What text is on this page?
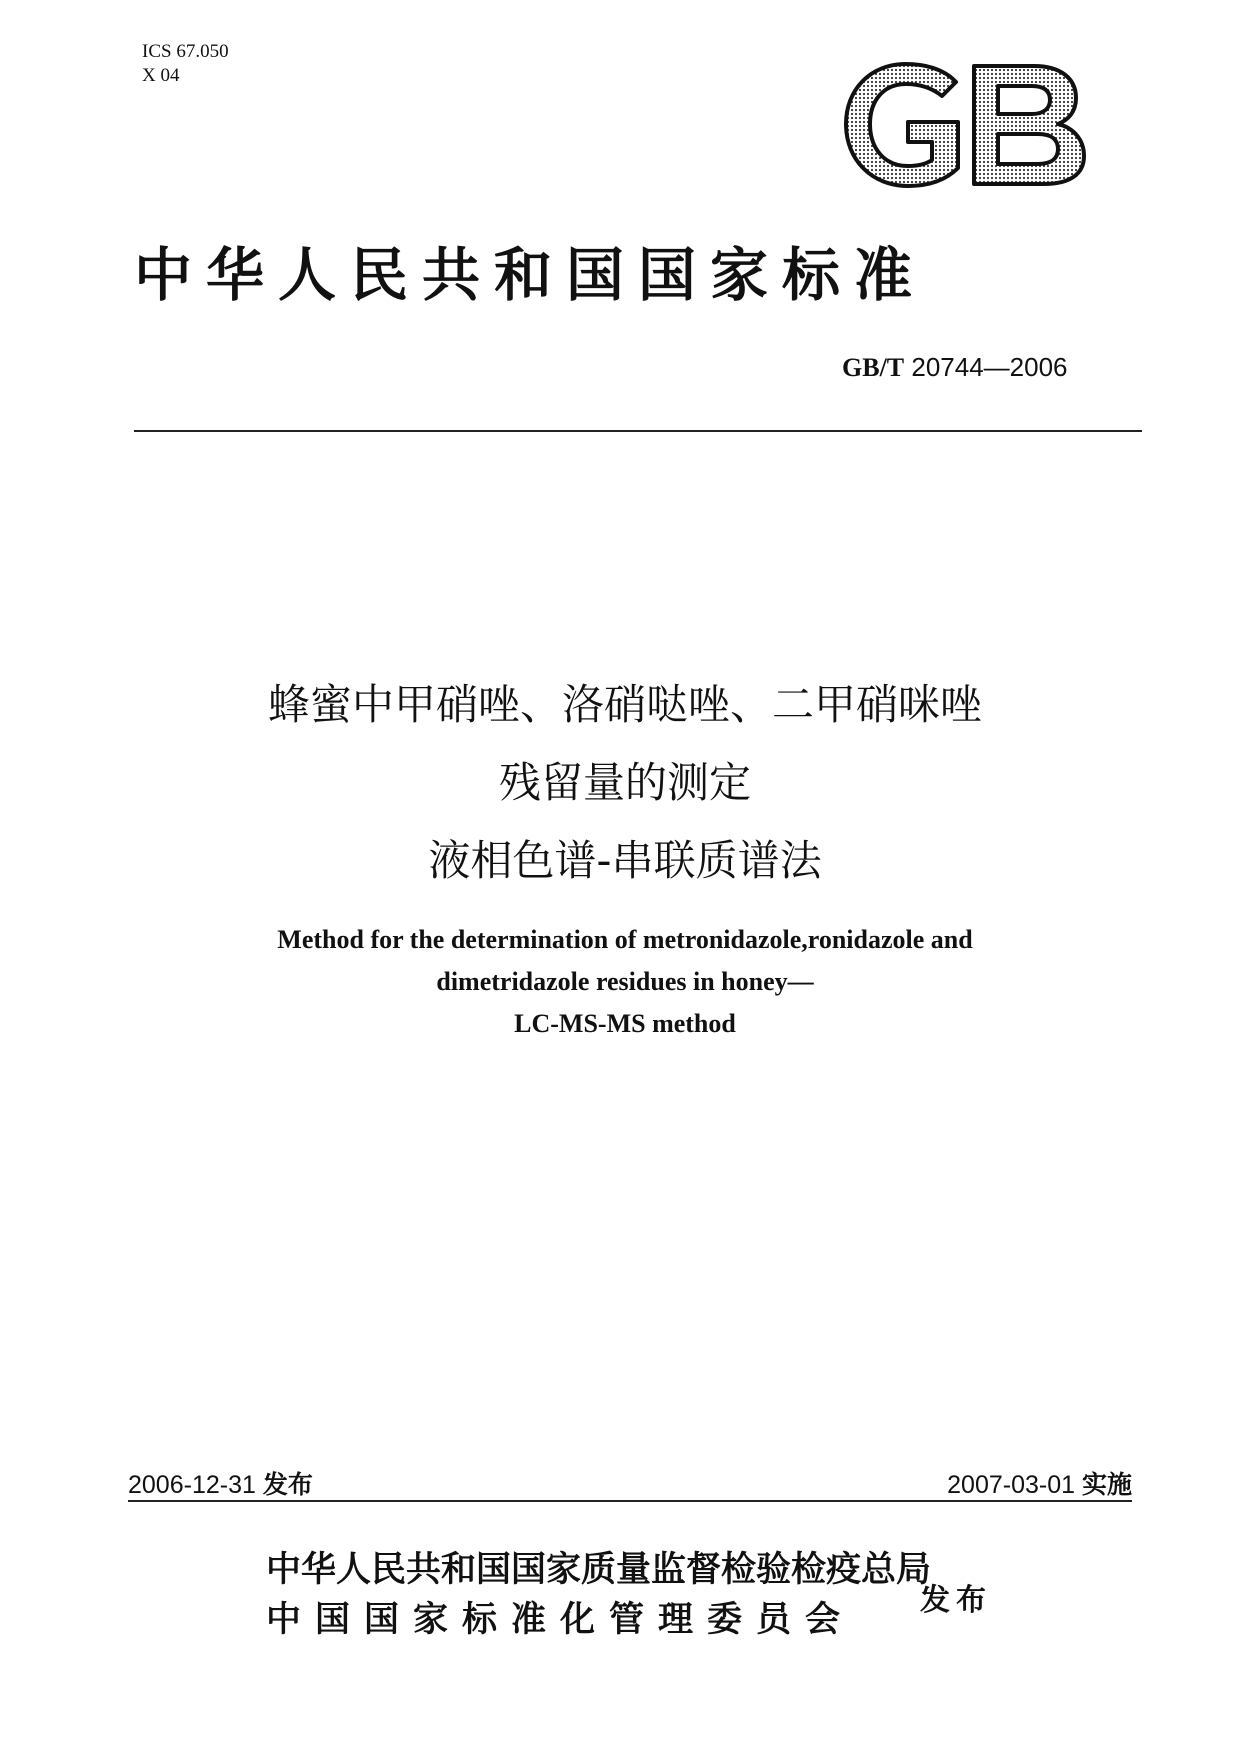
ICS 67.050
X 04
中华人民共和国国家标准
GB/T 20744—2006
蜂蜜中甲硝唑、洛硝哒唑、二甲硝咪唑
残留量的测定
液相色谱-串联质谱法
Method for the determination of metronidazole,ronidazole and
dimetridazole residues in honey—
LC-MS-MS method
2006-12-31 发布	2007-03-01 实施
中华人民共和国国家质量监督检验检疫总局
中国国家标准化管理委员会 发布
